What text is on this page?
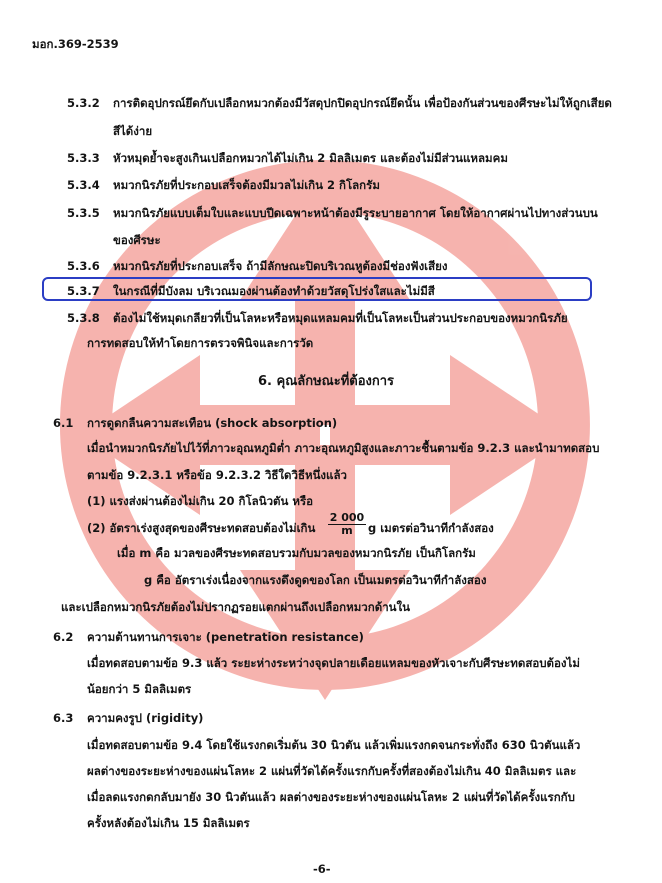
มอก.369-2539
5.3.2 การติดอุปกรณ์ยึดกับเปลือกหมวกต้องมีวัสดุปกปิดอุปกรณ์ยึดนั้น เพื่อป้องกันส่วนของศีรษะไม่ให้ถูกเสียด
สีได้ง่าย
5.3.3 หัวหมุดย้ำจะสูงเกินเปลือกหมวกได้ไม่เกิน 2 มิลลิเมตร และต้องไม่มีส่วนแหลมคม
5.3.4 หมวกนิรภัยที่ประกอบเสร็จต้องมีมวลไม่เกิน 2 กิโลกรัม
5.3.5 หมวกนิรภัยแบบเต็มใบและแบบปีดเฉพาะหน้าต้องมีรูระบายอากาศ โดยให้อากาศผ่านไปทางส่วนบน
ของศีรษะ
5.3.6 หมวกนิรภัยที่ประกอบเสร็จ ถ้ามีลักษณะปิดบริเวณหูต้องมีช่องฟังเสียง
5.3.7 ในกรณีที่มีบังลม บริเวณมองผ่านต้องทำด้วยวัสดุโปร่งใสและไม่มีสี
5.3.8 ต้องไม่ใช้หมุดเกลียวที่เป็นโลหะหรือหมุดแหลมคมที่เป็นโลหะเป็นส่วนประกอบของหมวกนิรภัย
การทดสอบให้ทำโดยการตรวจพินิจและการวัด
6. คุณลักษณะที่ต้องการ
6.1 การดูดกลืนความสะเทือน (shock absorption)
เมื่อนำหมวกนิรภัยไปไว้ที่ภาวะอุณหภูมิต่ำ ภาวะอุณหภูมิสูงและภาวะชื้นตามข้อ 9.2.3 และนำมาทดสอบ
ตามข้อ 9.2.3.1 หรือข้อ 9.2.3.2 วิธีใดวิธีหนึ่งแล้ว
(1) แรงส่งผ่านต้องไม่เกิน 20 กิโลนิวตัน หรือ
(2) อัตราเร่งสูงสุดของศีรษะทดสอบต้องไม่เกิน $\frac{2 000}{m}$ g เมตรต่อวินาทีกำลังสอง
เมื่อ m คือ มวลของศีรษะทดสอบรวมกับมวลของหมวกนิรภัย เป็นกิโลกรัม
g คือ อัตราเร่งเนื่องจากแรงดึงดูดของโลก เป็นเมตรต่อวินาทีกำลังสอง
และเปลือกหมวกนิรภัยต้องไม่ปรากฏรอยแตกผ่านถึงเปลือกหมวกด้านใน
6.2 ความต้านทานการเจาะ (penetration resistance)
เมื่อทดสอบตามข้อ 9.3 แล้ว ระยะห่างระหว่างจุดปลายเดือยแหลมของหัวเจาะกับศีรษะทดสอบต้องไม่
น้อยกว่า 5 มิลลิเมตร
6.3 ความคงรูป (rigidity)
เมื่อทดสอบตามข้อ 9.4 โดยใช้แรงกดเริ่มต้น 30 นิวตัน แล้วเพิ่มแรงกดจนกระทั่งถึง 630 นิวตันแล้ว
ผลต่างของระยะห่างของแผ่นโลหะ 2 แผ่นที่วัดได้ครั้งแรกกับครั้งที่สองต้องไม่เกิน 40 มิลลิเมตร และ
เมื่อลดแรงกดกลับมายัง 30 นิวตันแล้ว ผลต่างของระยะห่างของแผ่นโลหะ 2 แผ่นที่วัดได้ครั้งแรกกับ
ครั้งหลังต้องไม่เกิน 15 มิลลิเมตร
-6-
